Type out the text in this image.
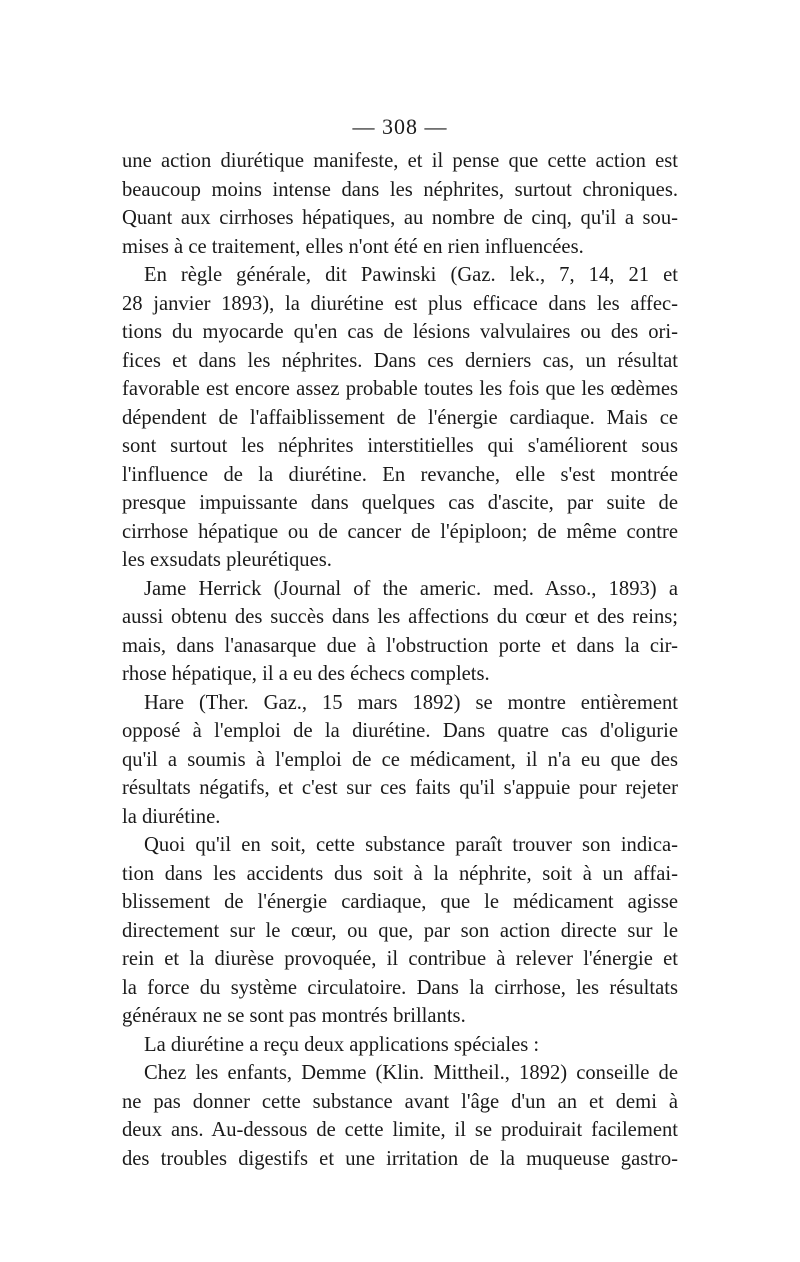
— 308 —
une action diurétique manifeste, et il pense que cette action est
beaucoup moins intense dans les néphrites, surtout chroniques.
Quant aux cirrhoses hépatiques, au nombre de cinq, qu'il a sou-
mises à ce traitement, elles n'ont été en rien influencées.
En règle générale, dit Pawinski (Gaz. lek., 7, 14, 21 et
28 janvier 1893), la diurétine est plus efficace dans les affec-
tions du myocarde qu'en cas de lésions valvulaires ou des ori-
fices et dans les néphrites. Dans ces derniers cas, un résultat
favorable est encore assez probable toutes les fois que les œdèmes
dépendent de l'affaiblissement de l'énergie cardiaque. Mais ce
sont surtout les néphrites interstitielles qui s'améliorent sous
l'influence de la diurétine. En revanche, elle s'est montrée
presque impuissante dans quelques cas d'ascite, par suite de
cirrhose hépatique ou de cancer de l'épiploon; de même contre
les exsudats pleurétiques.
Jame Herrick (Journal of the americ. med. Asso., 1893) a
aussi obtenu des succès dans les affections du cœur et des reins;
mais, dans l'anasarque due à l'obstruction porte et dans la cir-
rhose hépatique, il a eu des échecs complets.
Hare (Ther. Gaz., 15 mars 1892) se montre entièrement
opposé à l'emploi de la diurétine. Dans quatre cas d'oligurie
qu'il a soumis à l'emploi de ce médicament, il n'a eu que des
résultats négatifs, et c'est sur ces faits qu'il s'appuie pour rejeter
la diurétine.
Quoi qu'il en soit, cette substance paraît trouver son indica-
tion dans les accidents dus soit à la néphrite, soit à un affai-
blissement de l'énergie cardiaque, que le médicament agisse
directement sur le cœur, ou que, par son action directe sur le
rein et la diurèse provoquée, il contribue à relever l'énergie et
la force du système circulatoire. Dans la cirrhose, les résultats
généraux ne se sont pas montrés brillants.
La diurétine a reçu deux applications spéciales :
Chez les enfants, Demme (Klin. Mittheil., 1892) conseille de
ne pas donner cette substance avant l'âge d'un an et demi à
deux ans. Au-dessous de cette limite, il se produirait facilement
des troubles digestifs et une irritation de la muqueuse gastro-
